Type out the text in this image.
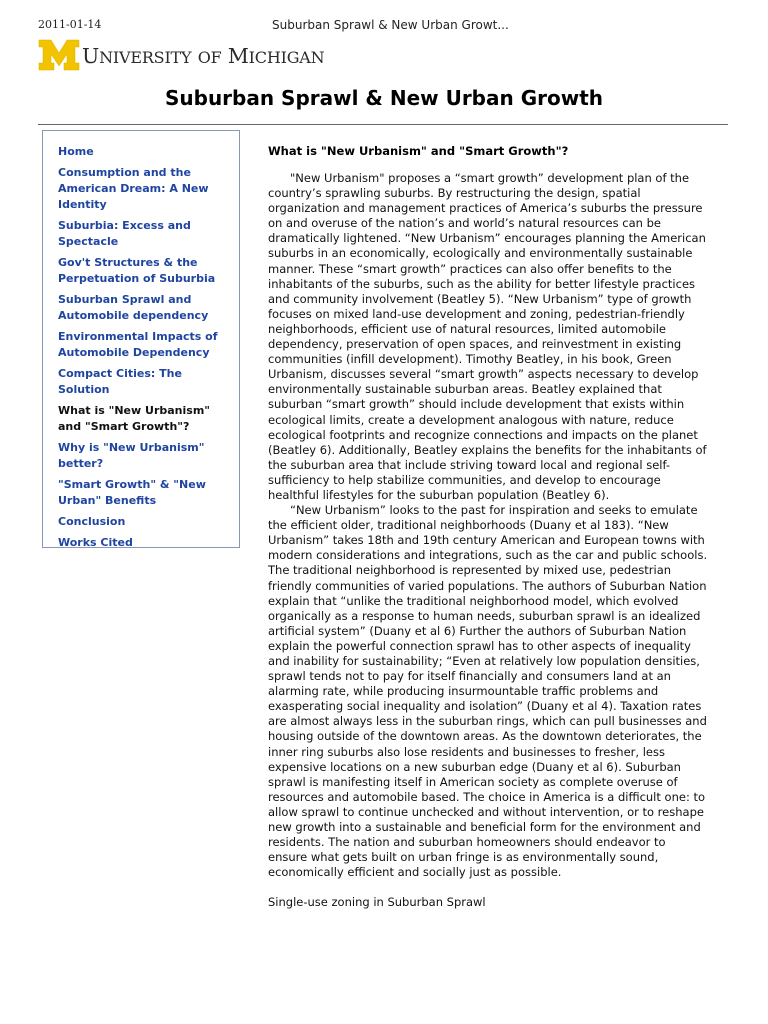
2011-01-14	Suburban Sprawl & New Urban Growt...
UNIVERSITY OF MICHIGAN
Suburban Sprawl & New Urban Growth
Home
Consumption and the American Dream: A New Identity
Suburbia: Excess and Spectacle
Gov't Structures & the Perpetuation of Suburbia
Suburban Sprawl and Automobile dependency
Environmental Impacts of Automobile Dependency
Compact Cities: The Solution
What is "New Urbanism" and "Smart Growth"?
Why is "New Urbanism" better?
"Smart Growth" & "New Urban" Benefits
Conclusion
Works Cited
What is "New Urbanism" and "Smart Growth"?

"New Urbanism" proposes a “smart growth” development plan of the country’s sprawling suburbs. By restructuring the design, spatial organization and management practices of America’s suburbs the pressure on and overuse of the nation’s and world’s natural resources can be dramatically lightened. “New Urbanism” encourages planning the American suburbs in an economically, ecologically and environmentally sustainable manner. These “smart growth” practices can also offer benefits to the inhabitants of the suburbs, such as the ability for better lifestyle practices and community involvement (Beatley 5). “New Urbanism” type of growth focuses on mixed land-use development and zoning, pedestrian-friendly neighborhoods, efficient use of natural resources, limited automobile dependency, preservation of open spaces, and reinvestment in existing communities (infill development). Timothy Beatley, in his book, Green Urbanism, discusses several “smart growth” aspects necessary to develop environmentally sustainable suburban areas. Beatley explained that suburban “smart growth” should include development that exists within ecological limits, create a development analogous with nature, reduce ecological footprints and recognize connections and impacts on the planet (Beatley 6). Additionally, Beatley explains the benefits for the inhabitants of the suburban area that include striving toward local and regional self-sufficiency to help stabilize communities, and develop to encourage healthful lifestyles for the suburban population (Beatley 6).

“New Urbanism” looks to the past for inspiration and seeks to emulate the efficient older, traditional neighborhoods (Duany et al 183). “New Urbanism” takes 18th and 19th century American and European towns with modern considerations and integrations, such as the car and public schools. The traditional neighborhood is represented by mixed use, pedestrian friendly communities of varied populations. The authors of Suburban Nation explain that “unlike the traditional neighborhood model, which evolved organically as a response to human needs, suburban sprawl is an idealized artificial system” (Duany et al 6) Further the authors of Suburban Nation explain the powerful connection sprawl has to other aspects of inequality and inability for sustainability; “Even at relatively low population densities, sprawl tends not to pay for itself financially and consumers land at an alarming rate, while producing insurmountable traffic problems and exasperating social inequality and isolation” (Duany et al 4). Taxation rates are almost always less in the suburban rings, which can pull businesses and housing outside of the downtown areas. As the downtown deteriorates, the inner ring suburbs also lose residents and businesses to fresher, less expensive locations on a new suburban edge (Duany et al 6). Suburban sprawl is manifesting itself in American society as complete overuse of resources and automobile based. The choice in America is a difficult one: to allow sprawl to continue unchecked and without intervention, or to reshape new growth into a sustainable and beneficial form for the environment and residents. The nation and suburban homeowners should endeavor to ensure what gets built on urban fringe is as environmentally sound, economically efficient and socially just as possible.

Single-use zoning in Suburban Sprawl
